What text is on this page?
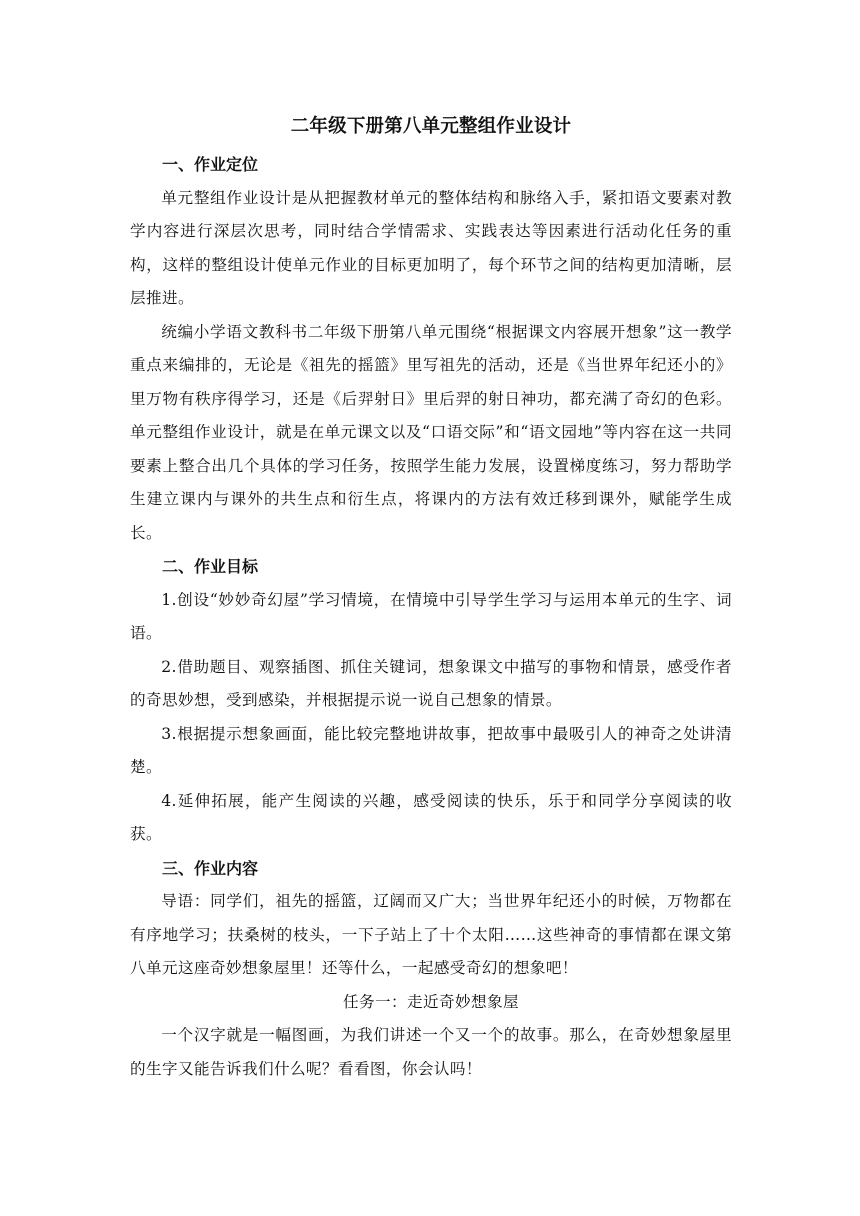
二年级下册第八单元整组作业设计
一、作业定位

单元整组作业设计是从把握教材单元的整体结构和脉络入手，紧扣语文要素对教学内容进行深层次思考，同时结合学情需求、实践表达等因素进行活动化任务的重构，这样的整组设计使单元作业的目标更加明了，每个环节之间的结构更加清晰，层层推进。

统编小学语文教科书二年级下册第八单元围绕“根据课文内容展开想象”这一教学重点来编排的，无论是《祖先的摇篮》里写祖先的活动，还是《当世界年纪还小的》里万物有秩序得学习，还是《后羿射日》里后羿的射日神功，都充满了奇幻的色彩。单元整组作业设计，就是在单元课文以及“口语交际”和“语文园地”等内容在这一共同要素上整合出几个具体的学习任务，按照学生能力发展，设置梯度练习，努力帮助学生建立课内与课外的共生点和衍生点，将课内的方法有效迁移到课外，赋能学生成长。

二、作业目标

1.创设“妙妙奇幻屋”学习情境，在情境中引导学生学习与运用本单元的生字、词语。

2.借助题目、观察插图、抓住关键词，想象课文中描写的事物和情景，感受作者的奇思妙想，受到感染，并根据提示说一说自己想象的情景。

3.根据提示想象画面，能比较完整地讲故事，把故事中最吸引人的神奇之处讲清楚。

4.延伸拓展，能产生阅读的兴趣，感受阅读的快乐，乐于和同学分享阅读的收获。

三、作业内容

导语：同学们，祖先的摇篮，辽阔而又广大；当世界年纪还小的时候，万物都在有序地学习；扶桑树的枝头，一下子站上了十个太阳……这些神奇的事情都在课文第八单元这座奇妙想象屋里！还等什么，一起感受奇幻的想象吧！

任务一：走近奇妙想象屋

一个汉字就是一幅图画，为我们讲述一个又一个的故事。那么，在奇妙想象屋里的生字又能告诉我们什么呢？看看图，你会认吗！
